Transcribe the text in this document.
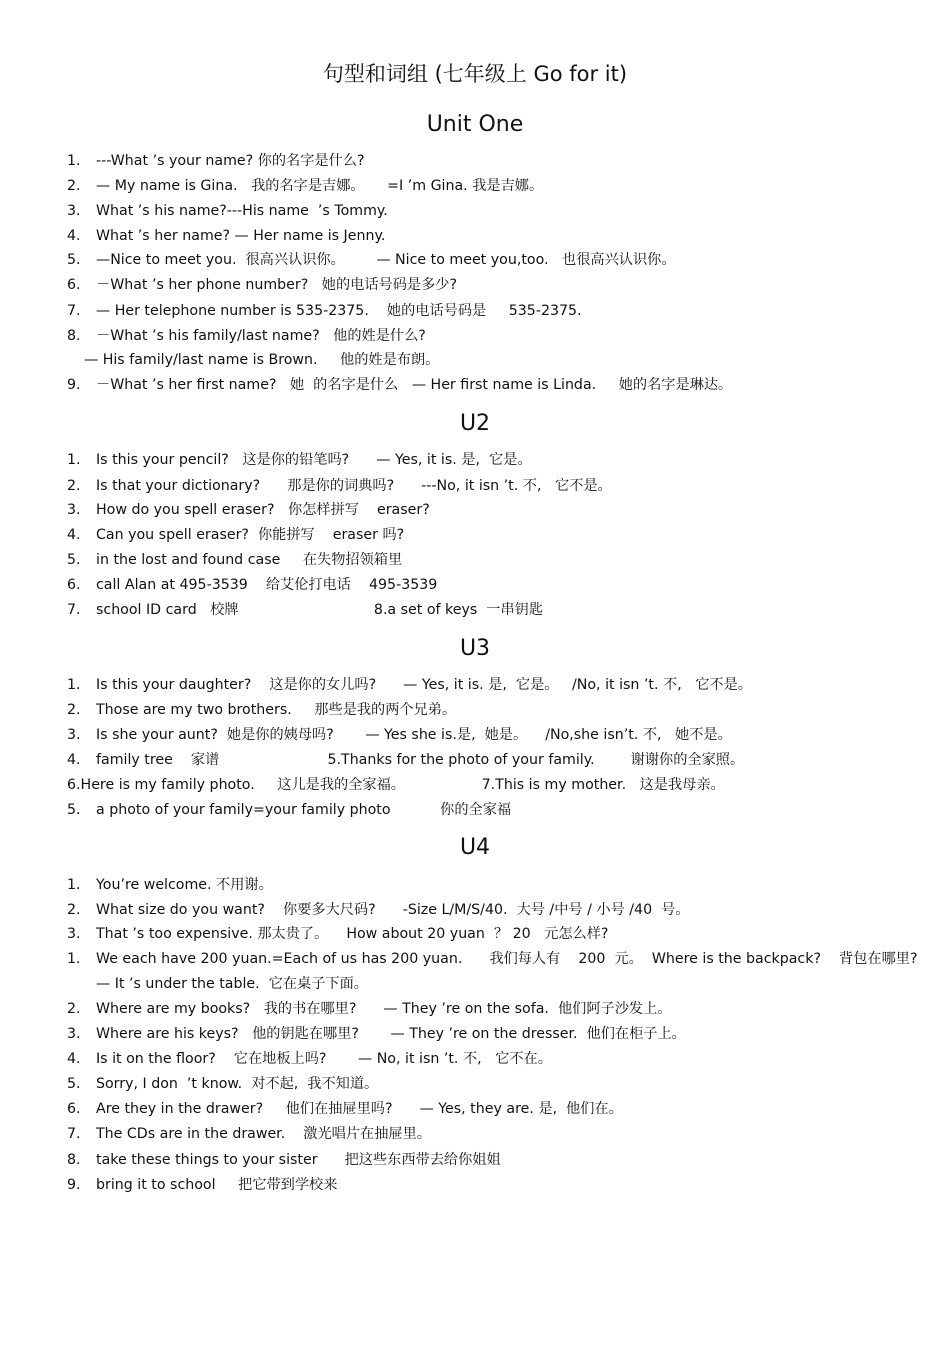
句型和词组 (七年级上 Go for it)
Unit One
1. ---What ’s your name? 你的名字是什么?
2. — My name is Gina.   我的名字是吉娜。     =I ’m Gina. 我是吉娜。
3. What ’s his name?---His name  ’s Tommy.
4. What ’s her name? — Her name is Jenny.
5. —Nice to meet you.  很高兴认识你。       — Nice to meet you,too.   也很高兴认识你。
6. －What ’s her phone number?   她的电话号码是多少?
7. — Her telephone number is 535-2375.    她的电话号码是     535-2375.
8. －What ’s his family/last name?   他的姓是什么?
— His family/last name is Brown.     他的姓是布朗。
9. －What ’s her first name?   她  的名字是什么   — Her first name is Linda.     她的名字是琳达。
U2
1. Is this your pencil?   这是你的铅笔吗?      — Yes, it is. 是,  它是。
2. Is that your dictionary?      那是你的词典吗?      ---No, it isn ’t. 不,   它不是。
3. How do you spell eraser?   你怎样拼写    eraser?
4. Can you spell eraser?  你能拼写    eraser 吗?
5. in the lost and found case     在失物招领箱里
6. call Alan at 495-3539    给艾伦打电话    495-3539
7. school ID card   校牌                              8.a set of keys  一串钥匙
U3
1. Is this your daughter?    这是你的女儿吗?      — Yes, it is. 是,  它是。   /No, it isn ’t. 不,   它不是。
2. Those are my two brothers.     那些是我的两个兄弟。
3. Is she your aunt?  她是你的姨母吗?       — Yes she is.是,  她是。    /No,she isn’t. 不,   她不是。
4. family tree    家谱                        5.Thanks for the photo of your family.        谢谢你的全家照。
6.Here is my family photo.     这儿是我的全家福。                 7.This is my mother.   这是我母亲。
5. a photo of your family=your family photo           你的全家福
U4
1. You’re welcome. 不用谢。
2. What size do you want?    你要多大尺码?      -Size L/M/S/40.  大号 /中号 / 小号 /40  号。
3. That ’s too expensive. 那太贵了。    How about 20 yuan  ？ 20   元怎么样?
1. We each have 200 yuan.=Each of us has 200 yuan.      我们每人有    200  元。  Where is the backpack?    背包在哪里?
— It ’s under the table.  它在桌子下面。
2. Where are my books?   我的书在哪里?      — They ’re on the sofa.  他们阿子沙发上。
3. Where are his keys?   他的钥匙在哪里?       — They ’re on the dresser.  他们在柜子上。
4. Is it on the floor?    它在地板上吗?       — No, it isn ’t. 不,   它不在。
5. Sorry, I don  ’t know.  对不起,  我不知道。
6. Are they in the drawer?     他们在抽屉里吗?      — Yes, they are. 是,  他们在。
7. The CDs are in the drawer.    激光唱片在抽屉里。
8. take these things to your sister      把这些东西带去给你姐姐
9. bring it to school     把它带到学校来
